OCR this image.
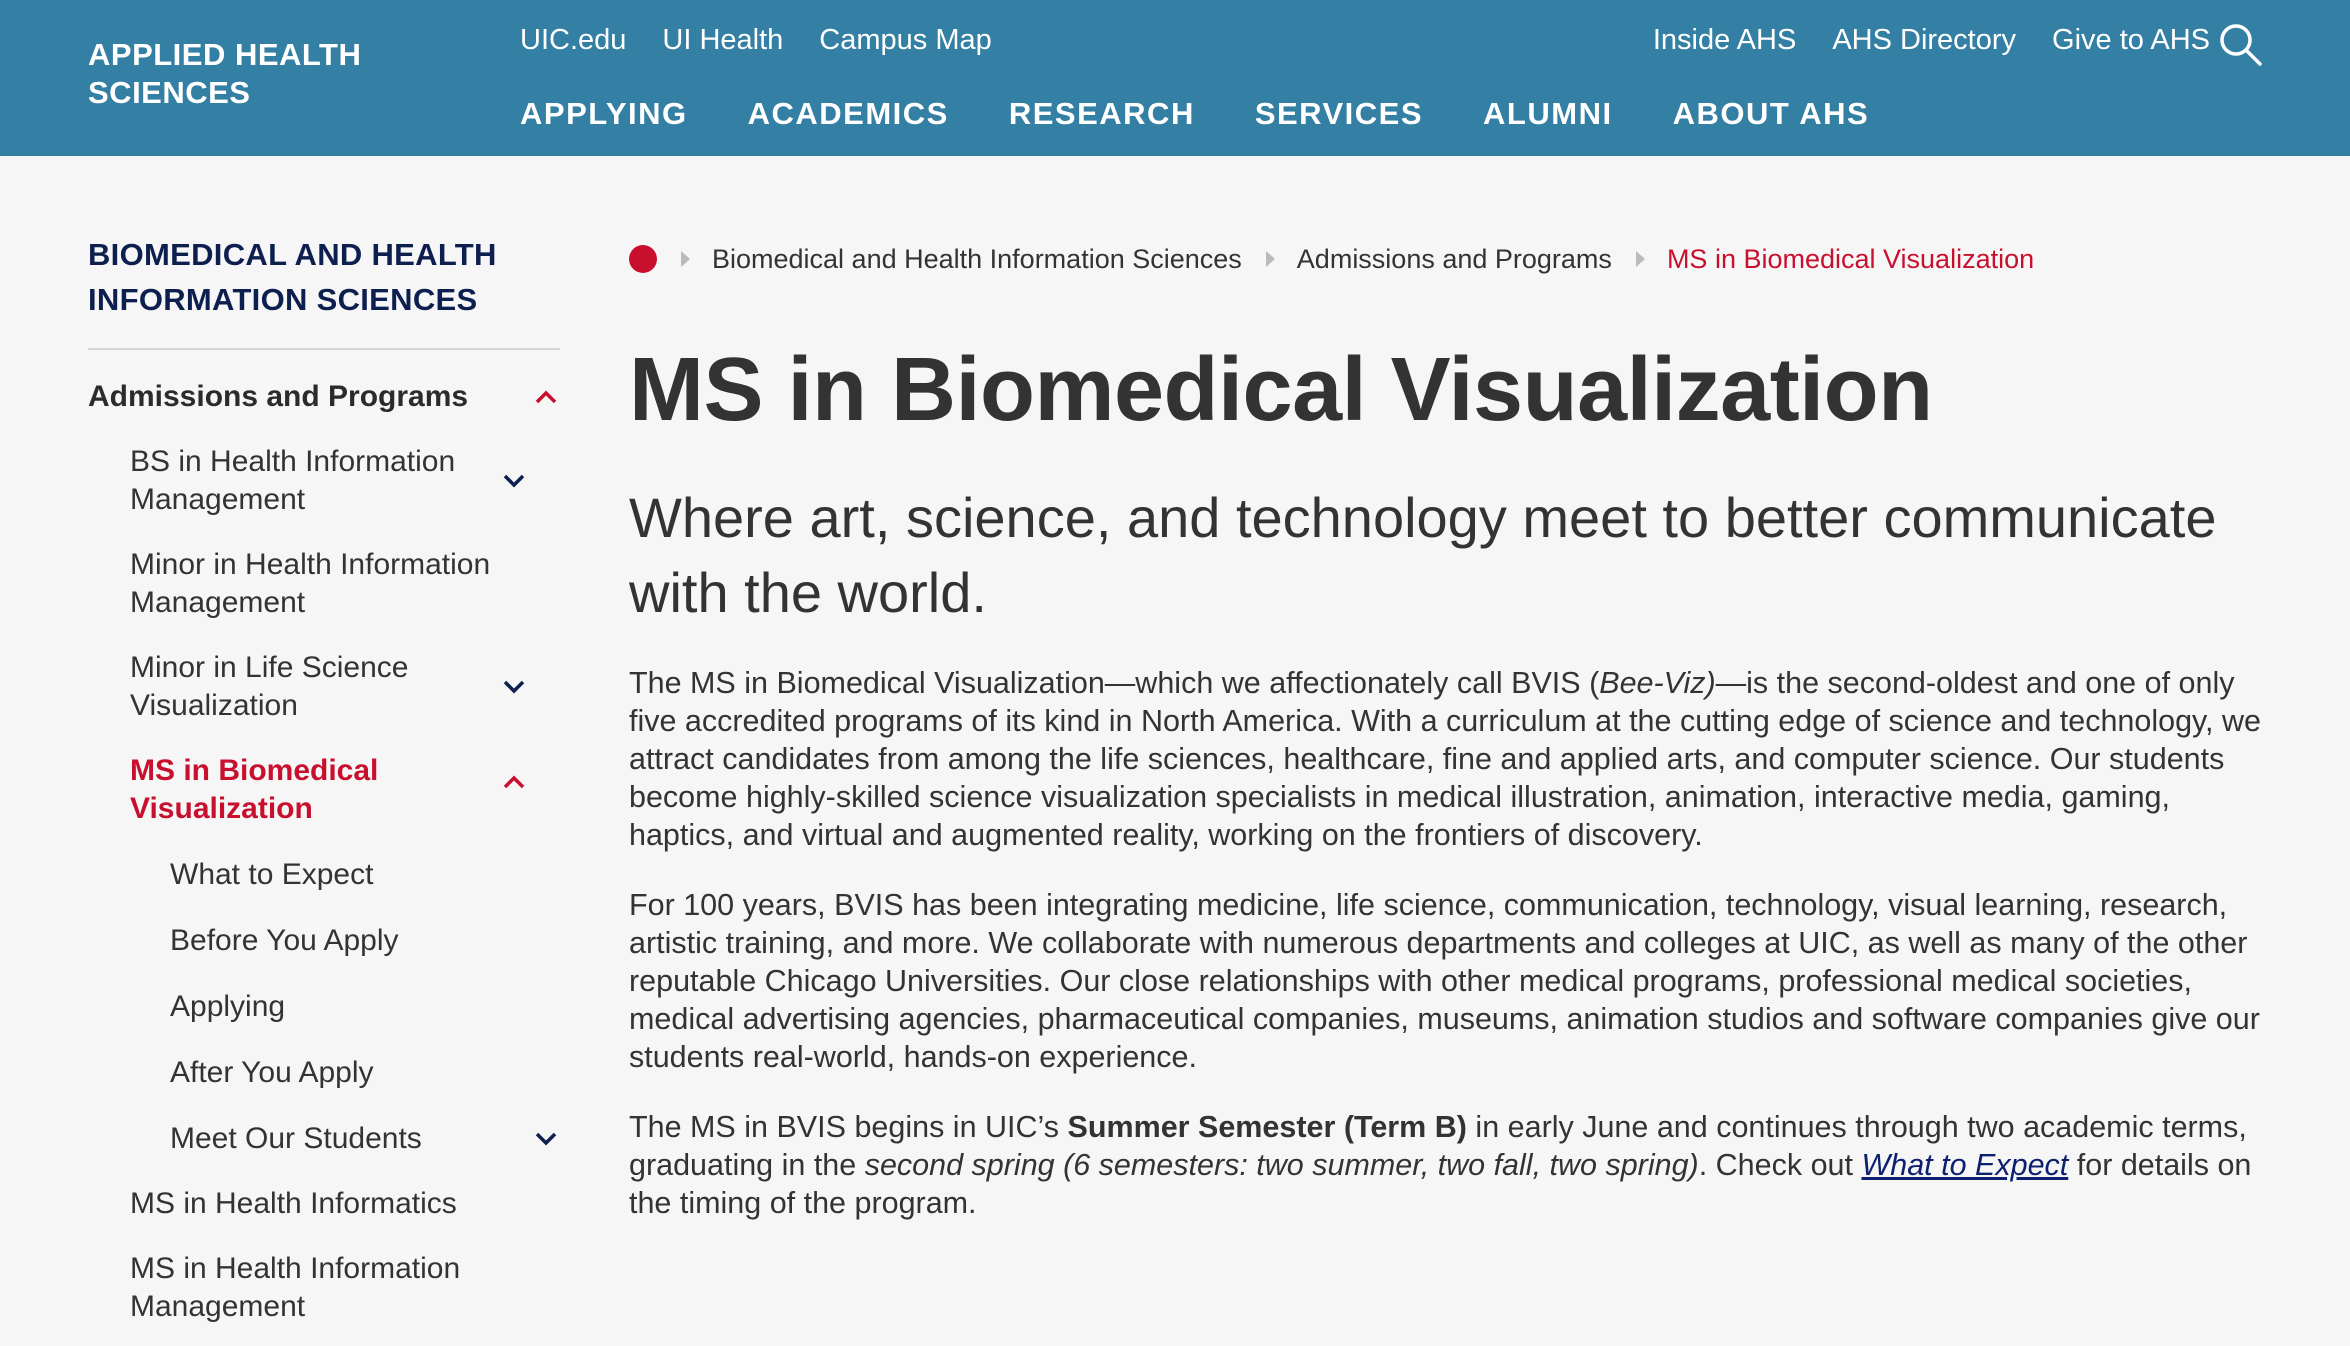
APPLIED HEALTH
SCIENCES
UIC.edu UI Health Campus Map	Inside AHS AHS Directory Give to AHS
APPLYING ACADEMICS RESEARCH SERVICES ALUMNI ABOUT AHS
BIOMEDICAL AND HEALTH
INFORMATION SCIENCES
Admissions and Programs
BS in Health Information Management
Minor in Health Information Management
Minor in Life Science Visualization
MS in Biomedical Visualization
What to Expect
Before You Apply
Applying
After You Apply
Meet Our Students
MS in Health Informatics
MS in Health Information Management
Biomedical and Health Information Sciences Admissions and Programs MS in Biomedical Visualization
MS in Biomedical Visualization

Where art, science, and technology meet to better communicate with the world.

The MS in Biomedical Visualization—which we affectionately call BVIS (Bee-Viz)—is the second-oldest and one of only five accredited programs of its kind in North America. With a curriculum at the cutting edge of science and technology, we attract candidates from among the life sciences, healthcare, fine and applied arts, and computer science. Our students become highly-skilled science visualization specialists in medical illustration, animation, interactive media, gaming, haptics, and virtual and augmented reality, working on the frontiers of discovery.

For 100 years, BVIS has been integrating medicine, life science, communication, technology, visual learning, research, artistic training, and more. We collaborate with numerous departments and colleges at UIC, as well as many of the other reputable Chicago Universities. Our close relationships with other medical programs, professional medical societies, medical advertising agencies, pharmaceutical companies, museums, animation studios and software companies give our students real-world, hands-on experience.

The MS in BVIS begins in UIC’s Summer Semester (Term B) in early June and continues through two academic terms, graduating in the second spring (6 semesters: two summer, two fall, two spring). Check out What to Expect for details on the timing of the program.
